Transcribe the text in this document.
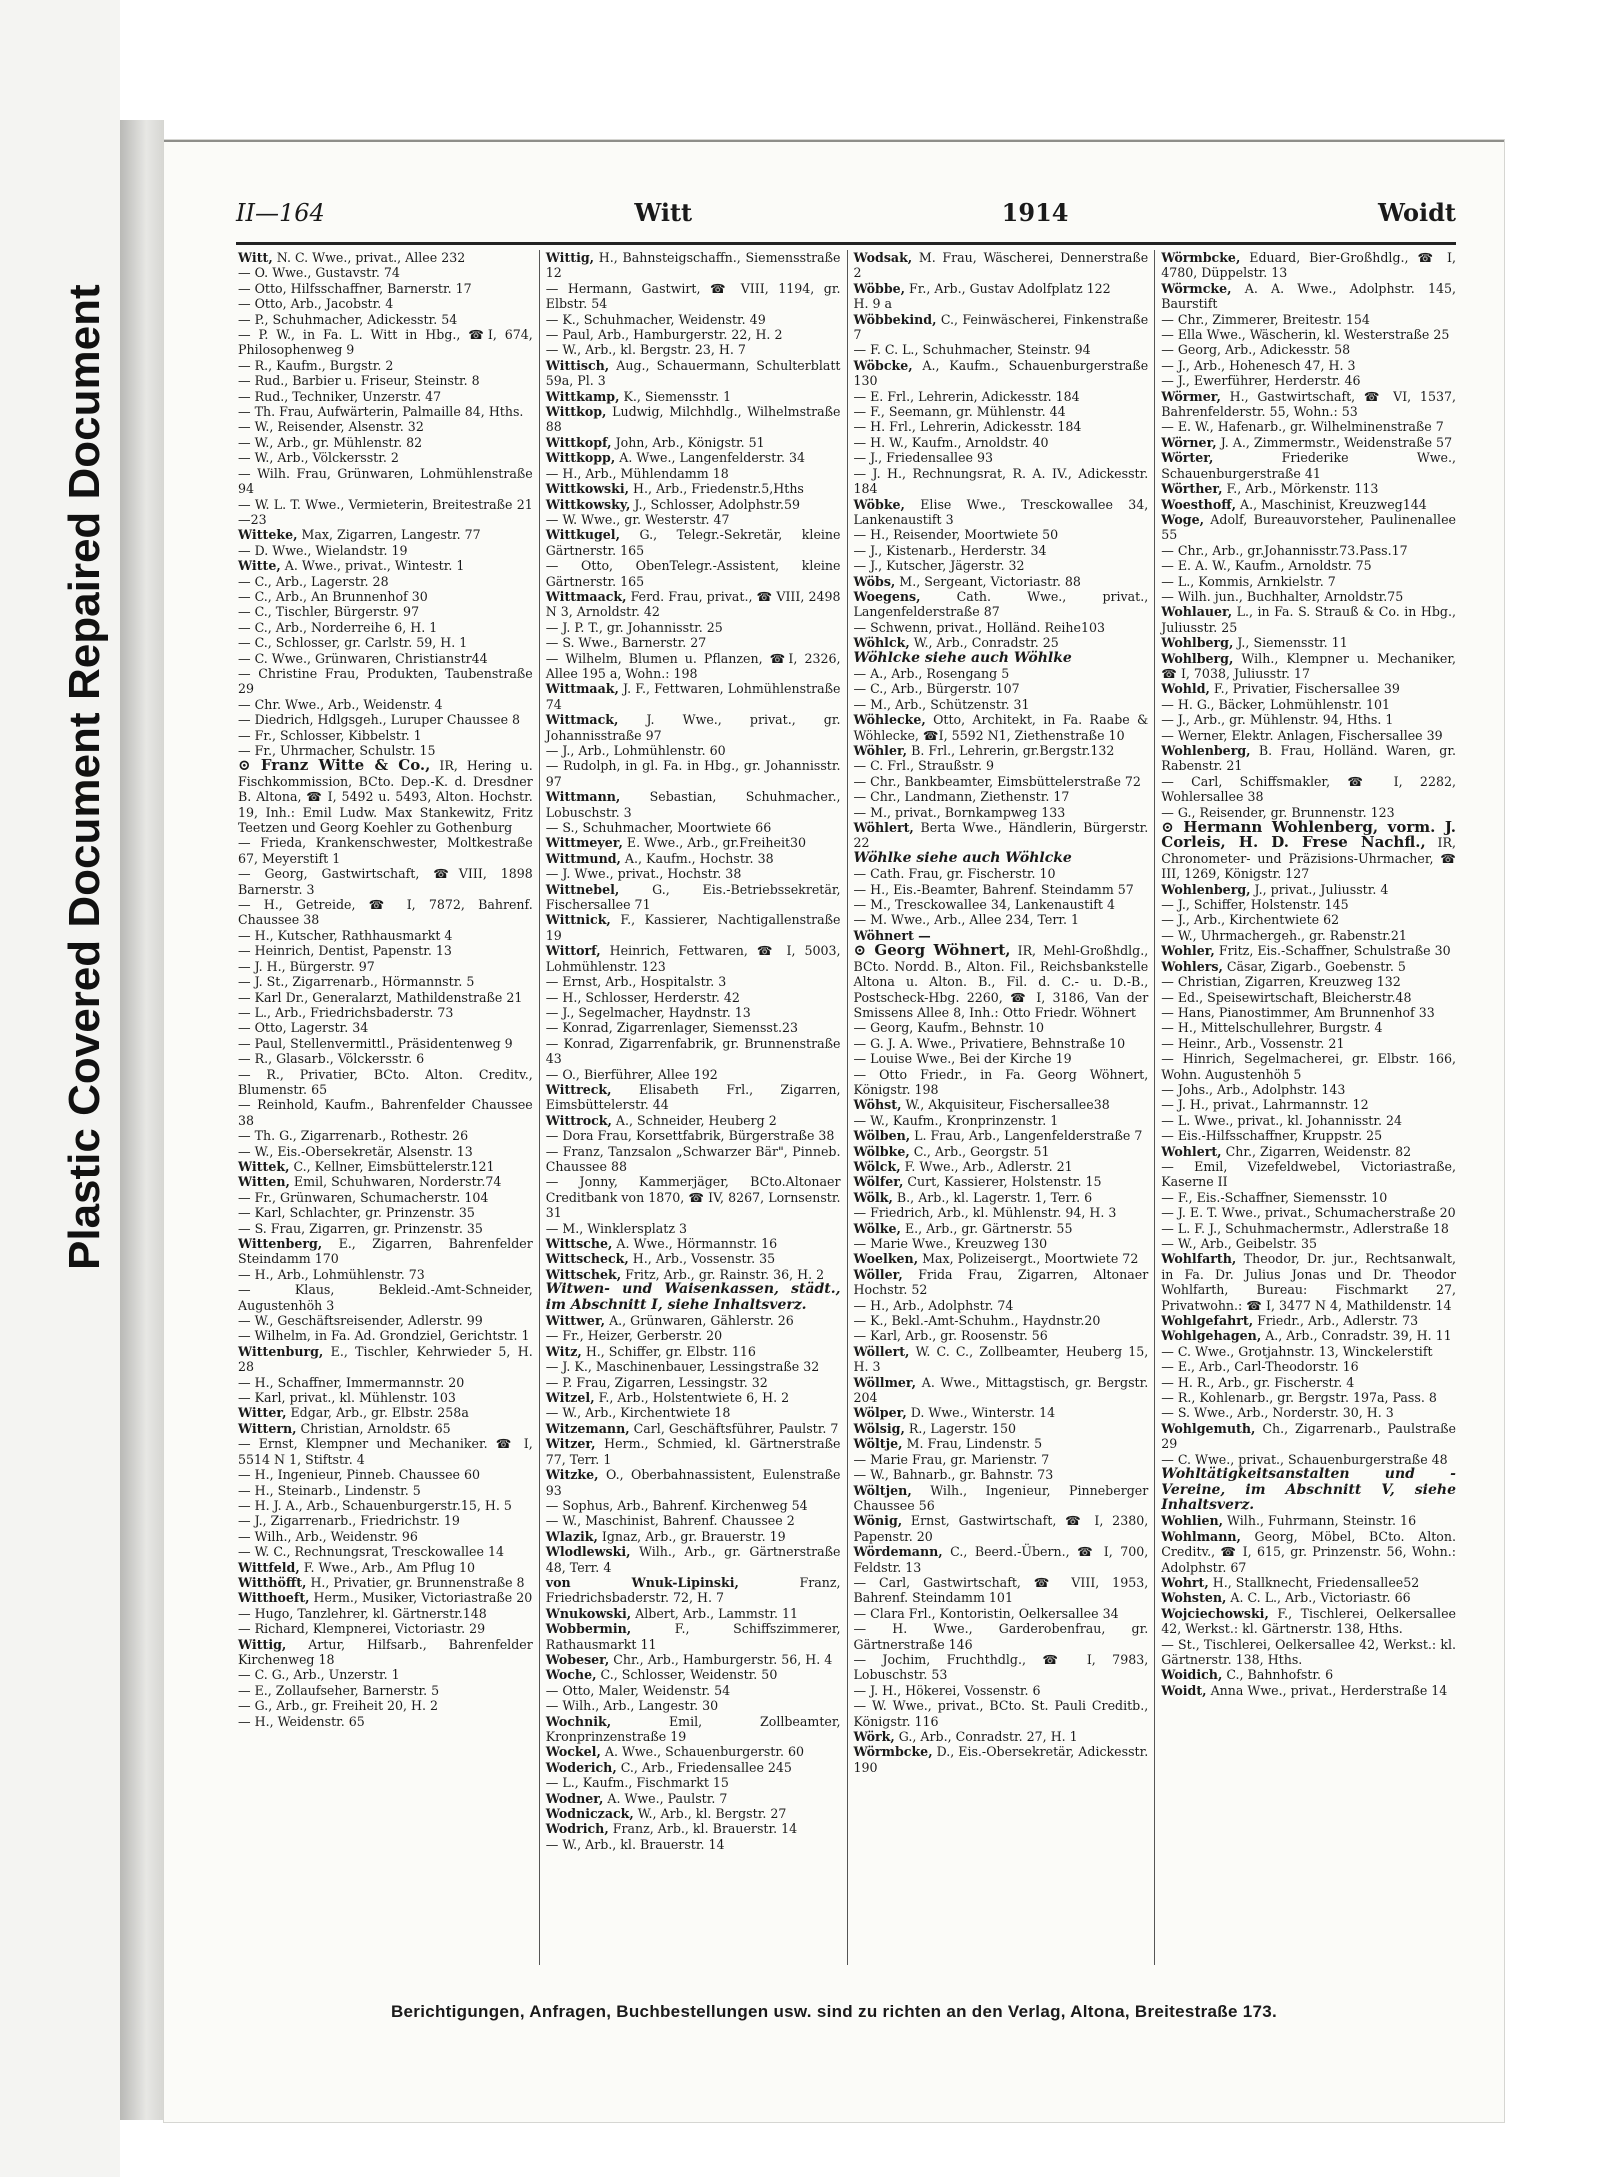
Repaired Document
Plastic Covered Document
II—164	Witt	1914	Woidt
Witt, N. C. Wwe., privat., Allee 232
— O. Wwe., Gustavstr. 74
— Otto, Hilfsschaffner, Barnerstr. 17
— Otto, Arb., Jacobstr. 4
— P., Schuhmacher, Adickesstr. 54
— P. W., in Fa. L. Witt in Hbg., ☎I, 674, Philosophenweg 9
— R., Kaufm., Burgstr. 2
— Rud., Barbier u. Friseur, Steinstr. 8
— Rud., Techniker, Unzerstr. 47
— Th. Frau, Aufwärterin, Palmaille 84, Hths.
— W., Reisender, Alsenstr. 32
— W., Arb., gr. Mühlenstr. 82
— W., Arb., Völckersstr. 2
— Wilh. Frau, Grünwaren, Lohmühlenstraße 94
— W. L. T. Wwe., Vermieterin, Breitestraße 21—23
Witteke, Max, Zigarren, Langestr. 77
— D. Wwe., Wielandstr. 19
Witte, A. Wwe., privat., Wintestr. 1
— C., Arb., Lagerstr. 28
— C., Arb., An Brunnenhof 30
— C., Tischler, Bürgerstr. 97
— C., Arb., Norderreihe 6, H. 1
— C., Schlosser, gr. Carlstr. 59, H. 1
— C. Wwe., Grünwaren, Christianstr44
— Christine Frau, Produkten, Taubenstraße 29
— Chr. Wwe., Arb., Weidenstr. 4
— Diedrich, Hdlgsgeh., Luruper Chaussee 8
— Fr., Schlosser, Kibbelstr. 1
— Fr., Uhrmacher, Schulstr. 15
⊙ Franz Witte & Co., IR, Hering u. Fischkommission, BCto. Dep.-K. d. Dresdner B. Altona, ☎ I, 5492 u. 5493, Alton. Hochstr. 19, Inh.: Emil Ludw. Max Stankewitz, Fritz Teetzen und Georg Koehler zu Gothenburg
— Frieda, Krankenschwester, Moltkestraße 67, Meyerstift 1
— Georg, Gastwirtschaft, ☎VIII, 1898 Barnerstr. 3
— H., Getreide, ☎ I, 7872, Bahrenf. Chaussee 38
— H., Kutscher, Rathhausmarkt 4
— Heinrich, Dentist, Papenstr. 13
— J. H., Bürgerstr. 97
— J. St., Zigarrenarb., Hörmannstr. 5
— Karl Dr., Generalarzt, Mathildenstraße 21
— L., Arb., Friedrichsbaderstr. 73
— Otto, Lagerstr. 34
— Paul, Stellenvermittl., Präsidentenweg 9
— R., Glasarb., Völckersstr. 6
— R., Privatier, BCto. Alton. Creditv., Blumenstr. 65
— Reinhold, Kaufm., Bahrenfelder Chaussee 38
— Th. G., Zigarrenarb., Rothestr. 26
— W., Eis.-Obersekretär, Alsenstr. 13
Wittek, C., Kellner, Eimsbüttelerstr.121
Witten, Emil, Schuhwaren, Norderstr.74
— Fr., Grünwaren, Schumacherstr. 104
— Karl, Schlachter, gr. Prinzenstr. 35
— S. Frau, Zigarren, gr. Prinzenstr. 35
Wittenberg, E., Zigarren, Bahrenfelder Steindamm 170
— H., Arb., Lohmühlenstr. 73
— Klaus, Bekleid.-Amt-Schneider, Augustenhöh 3
— W., Geschäftsreisender, Adlerstr. 99
— Wilhelm, in Fa. Ad. Grondziel, Gerichtstr. 1
Wittenburg, E., Tischler, Kehrwieder 5, H. 28
— H., Schaffner, Immermannstr. 20
— Karl, privat., kl. Mühlenstr. 103
Witter, Edgar, Arb., gr. Elbstr. 258a
Wittern, Christian, Arnoldstr. 65
— Ernst, Klempner und Mechaniker. ☎ I, 5514 N 1, Stiftstr. 4
— H., Ingenieur, Pinneb. Chaussee 60
— H., Steinarb., Lindenstr. 5
— H. J. A., Arb., Schauenburgerstr.15, H. 5
— J., Zigarrenarb., Friedrichstr. 19
— Wilh., Arb., Weidenstr. 96
— W. C., Rechnungsrat, Tresckowallee 14
Wittfeld, F. Wwe., Arb., Am Pflug 10
Witthöfft, H., Privatier, gr. Brunnenstraße 8
Witthoeft, Herm., Musiker, Victoriastraße 20
— Hugo, Tanzlehrer, kl. Gärtnerstr.148
— Richard, Klempnerei, Victoriastr. 29
Wittig, Artur, Hilfsarb., Bahrenfelder Kirchenweg 18
— C. G., Arb., Unzerstr. 1
— E., Zollaufseher, Barnerstr. 5
— G., Arb., gr. Freiheit 20, H. 2
— H., Weidenstr. 65
Wittig, H., Bahnsteigschaffn., Siemensstraße 12
— Hermann, Gastwirt, ☎ VIII, 1194, gr. Elbstr. 54
— K., Schuhmacher, Weidenstr. 49
— Paul, Arb., Hamburgerstr. 22, H. 2
— W., Arb., kl. Bergstr. 23, H. 7
Wittisch, Aug., Schauermann, Schulterblatt 59a, Pl. 3
Wittkamp, K., Siemensstr. 1
Wittkop, Ludwig, Milchhdlg., Wilhelmstraße 88
Wittkopf, John, Arb., Königstr. 51
Wittkopp, A. Wwe., Langenfelderstr. 34
— H., Arb., Mühlendamm 18
Wittkowski, H., Arb., Friedenstr.5,Hths
Wittkowsky, J., Schlosser, Adolphstr.59
— W. Wwe., gr. Westerstr. 47
Wittkugel, G., Telegr.-Sekretär, kleine Gärtnerstr. 165
— Otto, ObenTelegr.-Assistent, kleine Gärtnerstr. 165
Wittmaack, Ferd. Frau, privat., ☎ VIII, 2498 N 3, Arnoldstr. 42
— J. P. T., gr. Johannisstr. 25
— S. Wwe., Barnerstr. 27
— Wilhelm, Blumen u. Pflanzen, ☎I, 2326, Allee 195 a, Wohn.: 198
Wittmaak, J. F., Fettwaren, Lohmühlenstraße 74
Wittmack, J. Wwe., privat., gr. Johannisstraße 97
— J., Arb., Lohmühlenstr. 60
— Rudolph, in gl. Fa. in Hbg., gr. Johannisstr. 97
Wittmann, Sebastian, Schuhmacher., Lobuschstr. 3
— S., Schuhmacher, Moortwiete 66
Wittmeyer, E. Wwe., Arb., gr.Freiheit30
Wittmund, A., Kaufm., Hochstr. 38
— J. Wwe., privat., Hochstr. 38
Wittnebel, G., Eis.-Betriebssekretär, Fischersallee 71
Wittnick, F., Kassierer, Nachtigallenstraße 19
Wittorf, Heinrich, Fettwaren, ☎ I, 5003, Lohmühlenstr. 123
— Ernst, Arb., Hospitalstr. 3
— H., Schlosser, Herderstr. 42
— J., Segelmacher, Haydnstr. 13
— Konrad, Zigarrenlager, Siemensst.23
— Konrad, Zigarrenfabrik, gr. Brunnenstraße 43
— O., Bierführer, Allee 192
Wittreck, Elisabeth Frl., Zigarren, Eimsbüttelerstr. 44
Wittrock, A., Schneider, Heuberg 2
— Dora Frau, Korsettfabrik, Bürgerstraße 38
— Franz, Tanzsalon „Schwarzer Bär", Pinneb. Chaussee 88
— Jonny, Kammerjäger, BCto.Altonaer Creditbank von 1870, ☎ IV, 8267, Lornsenstr. 31
— M., Winklersplatz 3
Wittsche, A. Wwe., Hörmannstr. 16
Wittscheck, H., Arb., Vossenstr. 35
Wittschek, Fritz, Arb., gr. Rainstr. 36, H. 2
Witwen- und Waisenkassen, städt., im Abschnitt I, siehe Inhaltsverz.
Wittwer, A., Grünwaren, Gählerstr. 26
— Fr., Heizer, Gerberstr. 20
Witz, H., Schiffer, gr. Elbstr. 116
— J. K., Maschinenbauer, Lessingstraße 32
— P. Frau, Zigarren, Lessingstr. 32
Witzel, F., Arb., Holstentwiete 6, H. 2
— W., Arb., Kirchentwiete 18
Witzemann, Carl, Geschäftsführer, Paulstr. 7
Witzer, Herm., Schmied, kl. Gärtnerstraße 77, Terr. 1
Witzke, O., Oberbahnassistent, Eulenstraße 93
— Sophus, Arb., Bahrenf. Kirchenweg 54
— W., Maschinist, Bahrenf. Chaussee 2
Wlazik, Ignaz, Arb., gr. Brauerstr. 19
Wlodlewski, Wilh., Arb., gr. Gärtnerstraße 48, Terr. 4
von Wnuk-Lipinski, Franz, Friedrichsbaderstr. 72, H. 7
Wnukowski, Albert, Arb., Lammstr. 11
Wobbermin, F., Schiffszimmerer, Rathausmarkt 11
Wobeser, Chr., Arb., Hamburgerstr. 56, H. 4
Woche, C., Schlosser, Weidenstr. 50
— Otto, Maler, Weidenstr. 54
— Wilh., Arb., Langestr. 30
Wochnik, Emil, Zollbeamter, Kronprinzenstraße 19
Wockel, A. Wwe., Schauenburgerstr. 60
Woderich, C., Arb., Friedensallee 245
— L., Kaufm., Fischmarkt 15
Wodner, A. Wwe., Paulstr. 7
Wodniczack, W., Arb., kl. Bergstr. 27
Wodrich, Franz, Arb., kl. Brauerstr. 14
— W., Arb., kl. Brauerstr. 14
Wodsak, M. Frau, Wäscherei, Dennerstraße 2
Wöbbe, Fr., Arb., Gustav Adolfplatz 122
H. 9 a
Wöbbekind, C., Feinwäscherei, Finkenstraße 7
— F. C. L., Schuhmacher, Steinstr. 94
Wöbcke, A., Kaufm., Schauenburgerstraße 130
— E. Frl., Lehrerin, Adickesstr. 184
— F., Seemann, gr. Mühlenstr. 44
— H. Frl., Lehrerin, Adickesstr. 184
— H. W., Kaufm., Arnoldstr. 40
— J., Friedensallee 93
— J. H., Rechnungsrat, R. A. IV., Adickesstr. 184
Wöbke, Elise Wwe., Tresckowallee 34, Lankenaustift 3
— H., Reisender, Moortwiete 50
— J., Kistenarb., Herderstr. 34
— J., Kutscher, Jägerstr. 32
Wöbs, M., Sergeant, Victoriastr. 88
Woegens, Cath. Wwe., privat., Langenfelderstraße 87
— Schwenn, privat., Holländ. Reihe103
Wöhlck, W., Arb., Conradstr. 25
Wöhlcke siehe auch Wöhlke
— A., Arb., Rosengang 5
— C., Arb., Bürgerstr. 107
— M., Arb., Schützenstr. 31
Wöhlecke, Otto, Architekt, in Fa. Raabe & Wöhlecke, ☎I, 5592 N1, Ziethenstraße 10
Wöhler, B. Frl., Lehrerin, gr.Bergstr.132
— C. Frl., Straußstr. 9
— Chr., Bankbeamter, Eimsbüttelerstraße 72
— Chr., Landmann, Ziethenstr. 17
— M., privat., Bornkampweg 133
Wöhlert, Berta Wwe., Händlerin, Bürgerstr. 22
Wöhlke siehe auch Wöhlcke
— Cath. Frau, gr. Fischerstr. 10
— H., Eis.-Beamter, Bahrenf. Steindamm 57
— M., Tresckowallee 34, Lankenaustift 4
— M. Wwe., Arb., Allee 234, Terr. 1
Wöhnert —
⊙ Georg Wöhnert, IR, Mehl-Großhdlg., BCto. Nordd. B., Alton. Fil., Reichsbankstelle Altona u. Alton. B., Fil. d. C.- u. D.-B., Postscheck-Hbg. 2260, ☎ I, 3186, Van der Smissens Allee 8, Inh.: Otto Friedr. Wöhnert
— Georg, Kaufm., Behnstr. 10
— G. J. A. Wwe., Privatiere, Behnstraße 10
— Louise Wwe., Bei der Kirche 19
— Otto Friedr., in Fa. Georg Wöhnert, Königstr. 198
Wöhst, W., Akquisiteur, Fischersallee38
— W., Kaufm., Kronprinzenstr. 1
Wölben, L. Frau, Arb., Langenfelderstraße 7
Wölbke, C., Arb., Georgstr. 51
Wölck, F. Wwe., Arb., Adlerstr. 21
Wölfer, Curt, Kassierer, Holstenstr. 15
Wölk, B., Arb., kl. Lagerstr. 1, Terr. 6
— Friedrich, Arb., kl. Mühlenstr. 94, H. 3
Wölke, E., Arb., gr. Gärtnerstr. 55
— Marie Wwe., Kreuzweg 130
Woelken, Max, Polizeisergt., Moortwiete 72
Wöller, Frida Frau, Zigarren, Altonaer Hochstr. 52
— H., Arb., Adolphstr. 74
— K., Bekl.-Amt-Schuhm., Haydnstr.20
— Karl, Arb., gr. Roosenstr. 56
Wöllert, W. C. C., Zollbeamter, Heuberg 15, H. 3
Wöllmer, A. Wwe., Mittagstisch, gr. Bergstr. 204
Wölper, D. Wwe., Winterstr. 14
Wölsig, R., Lagerstr. 150
Wöltje, M. Frau, Lindenstr. 5
— Marie Frau, gr. Marienstr. 7
— W., Bahnarb., gr. Bahnstr. 73
Wöltjen, Wilh., Ingenieur, Pinneberger Chaussee 56
Wönig, Ernst, Gastwirtschaft, ☎ I, 2380, Papenstr. 20
Wördemann, C., Beerd.-Übern., ☎ I, 700, Feldstr. 13
— Carl, Gastwirtschaft, ☎ VIII, 1953, Bahrenf. Steindamm 101
— Clara Frl., Kontoristin, Oelkersallee 34
— H. Wwe., Garderobenfrau, gr. Gärtnerstraße 146
— Jochim, Fruchthdlg., ☎ I, 7983, Lobuschstr. 53
— J. H., Hökerei, Vossenstr. 6
— W. Wwe., privat., BCto. St. Pauli Creditb., Königstr. 116
Wörk, G., Arb., Conradstr. 27, H. 1
Wörmbcke, D., Eis.-Obersekretär, Adickesstr. 190
Wörmbcke, Eduard, Bier-Großhdlg., ☎ I, 4780, Düppelstr. 13
Wörmcke, A. A. Wwe., Adolphstr. 145, Baurstift
— Chr., Zimmerer, Breitestr. 154
— Ella Wwe., Wäscherin, kl. Westerstraße 25
— Georg, Arb., Adickesstr. 58
— J., Arb., Hohenesch 47, H. 3
— J., Ewerführer, Herderstr. 46
Wörmer, H., Gastwirtschaft, ☎ VI, 1537, Bahrenfelderstr. 55, Wohn.: 53
— E. W., Hafenarb., gr. Wilhelminenstraße 7
Wörner, J. A., Zimmermstr., Weidenstraße 57
Wörter, Friederike Wwe., Schauenburgerstraße 41
Wörther, F., Arb., Mörkenstr. 113
Woesthoff, A., Maschinist, Kreuzweg144
Woge, Adolf, Bureauvorsteher, Paulinenallee 55
— Chr., Arb., gr.Johannisstr.73.Pass.17
— E. A. W., Kaufm., Arnoldstr. 75
— L., Kommis, Arnkielstr. 7
— Wilh. jun., Buchhalter, Arnoldstr.75
Wohlauer, L., in Fa. S. Strauß & Co. in Hbg., Juliusstr. 25
Wohlberg, J., Siemensstr. 11
Wohlberg, Wilh., Klempner u. Mechaniker, ☎ I, 7038, Juliusstr. 17
Wohld, F., Privatier, Fischersallee 39
— H. G., Bäcker, Lohmühlenstr. 101
— J., Arb., gr. Mühlenstr. 94, Hths. 1
— Werner, Elektr. Anlagen, Fischersallee 39
Wohlenberg, B. Frau, Holländ. Waren, gr. Rabenstr. 21
— Carl, Schiffsmakler, ☎ I, 2282, Wohlersallee 38
— G., Reisender, gr. Brunnenstr. 123
⊙ Hermann Wohlenberg, vorm. J. Corleis, H. D. Frese Nachfl., IR, Chronometer- und Präzisions-Uhrmacher, ☎ III, 1269, Königstr. 127
Wohlenberg, J., privat., Juliusstr. 4
— J., Schiffer, Holstenstr. 145
— J., Arb., Kirchentwiete 62
— W., Uhrmachergeh., gr. Rabenstr.21
Wohler, Fritz, Eis.-Schaffner, Schulstraße 30
Wohlers, Cäsar, Zigarb., Goebenstr. 5
— Christian, Zigarren, Kreuzweg 132
— Ed., Speisewirtschaft, Bleicherstr.48
— Hans, Pianostimmer, Am Brunnenhof 33
— H., Mittelschullehrer, Burgstr. 4
— Heinr., Arb., Vossenstr. 21
— Hinrich, Segelmacherei, gr. Elbstr. 166, Wohn. Augustenhöh 5
— Johs., Arb., Adolphstr. 143
— J. H., privat., Lahrmannstr. 12
— L. Wwe., privat., kl. Johannisstr. 24
— Eis.-Hilfsschaffner, Kruppstr. 25
Wohlert, Chr., Zigarren, Weidenstr. 82
— Emil, Vizefeldwebel, Victoriastraße, Kaserne II
— F., Eis.-Schaffner, Siemensstr. 10
— J. E. T. Wwe., privat., Schumacherstraße 20
— L. F. J., Schuhmachermstr., Adlerstraße 18
— W., Arb., Geibelstr. 35
Wohlfarth, Theodor, Dr. jur., Rechtsanwalt, in Fa. Dr. Julius Jonas und Dr. Theodor Wohlfarth, Bureau: Fischmarkt 27, Privatwohn.: ☎ I, 3477 N 4, Mathildenstr. 14
Wohlgefahrt, Friedr., Arb., Adlerstr. 73
Wohlgehagen, A., Arb., Conradstr. 39, H. 11
— C. Wwe., Grotjahnstr. 13, Winckelerstift
— E., Arb., Carl-Theodorstr. 16
— H. R., Arb., gr. Fischerstr. 4
— R., Kohlenarb., gr. Bergstr. 197a, Pass. 8
— S. Wwe., Arb., Norderstr. 30, H. 3
Wohlgemuth, Ch., Zigarrenarb., Paulstraße 29
— C. Wwe., privat., Schauenburgerstraße 48
Wohltätigkeitsanstalten und -Vereine, im Abschnitt V, siehe Inhaltsverz.
Wohlien, Wilh., Fuhrmann, Steinstr. 16
Wohlmann, Georg, Möbel, BCto. Alton. Creditv., ☎ I, 615, gr. Prinzenstr. 56, Wohn.: Adolphstr. 67
Wohrt, H., Stallknecht, Friedensallee52
Wohsten, A. C. L., Arb., Victoriastr. 66
Wojciechowski, F., Tischlerei, Oelkersallee 42, Werkst.: kl. Gärtnerstr. 138, Hths.
— St., Tischlerei, Oelkersallee 42, Werkst.: kl. Gärtnerstr. 138, Hths.
Woidich, C., Bahnhofstr. 6
Woidt, Anna Wwe., privat., Herderstraße 14
Berichtigungen, Anfragen, Buchbestellungen usw. sind zu richten an den Verlag, Altona, Breitestraße 173.
